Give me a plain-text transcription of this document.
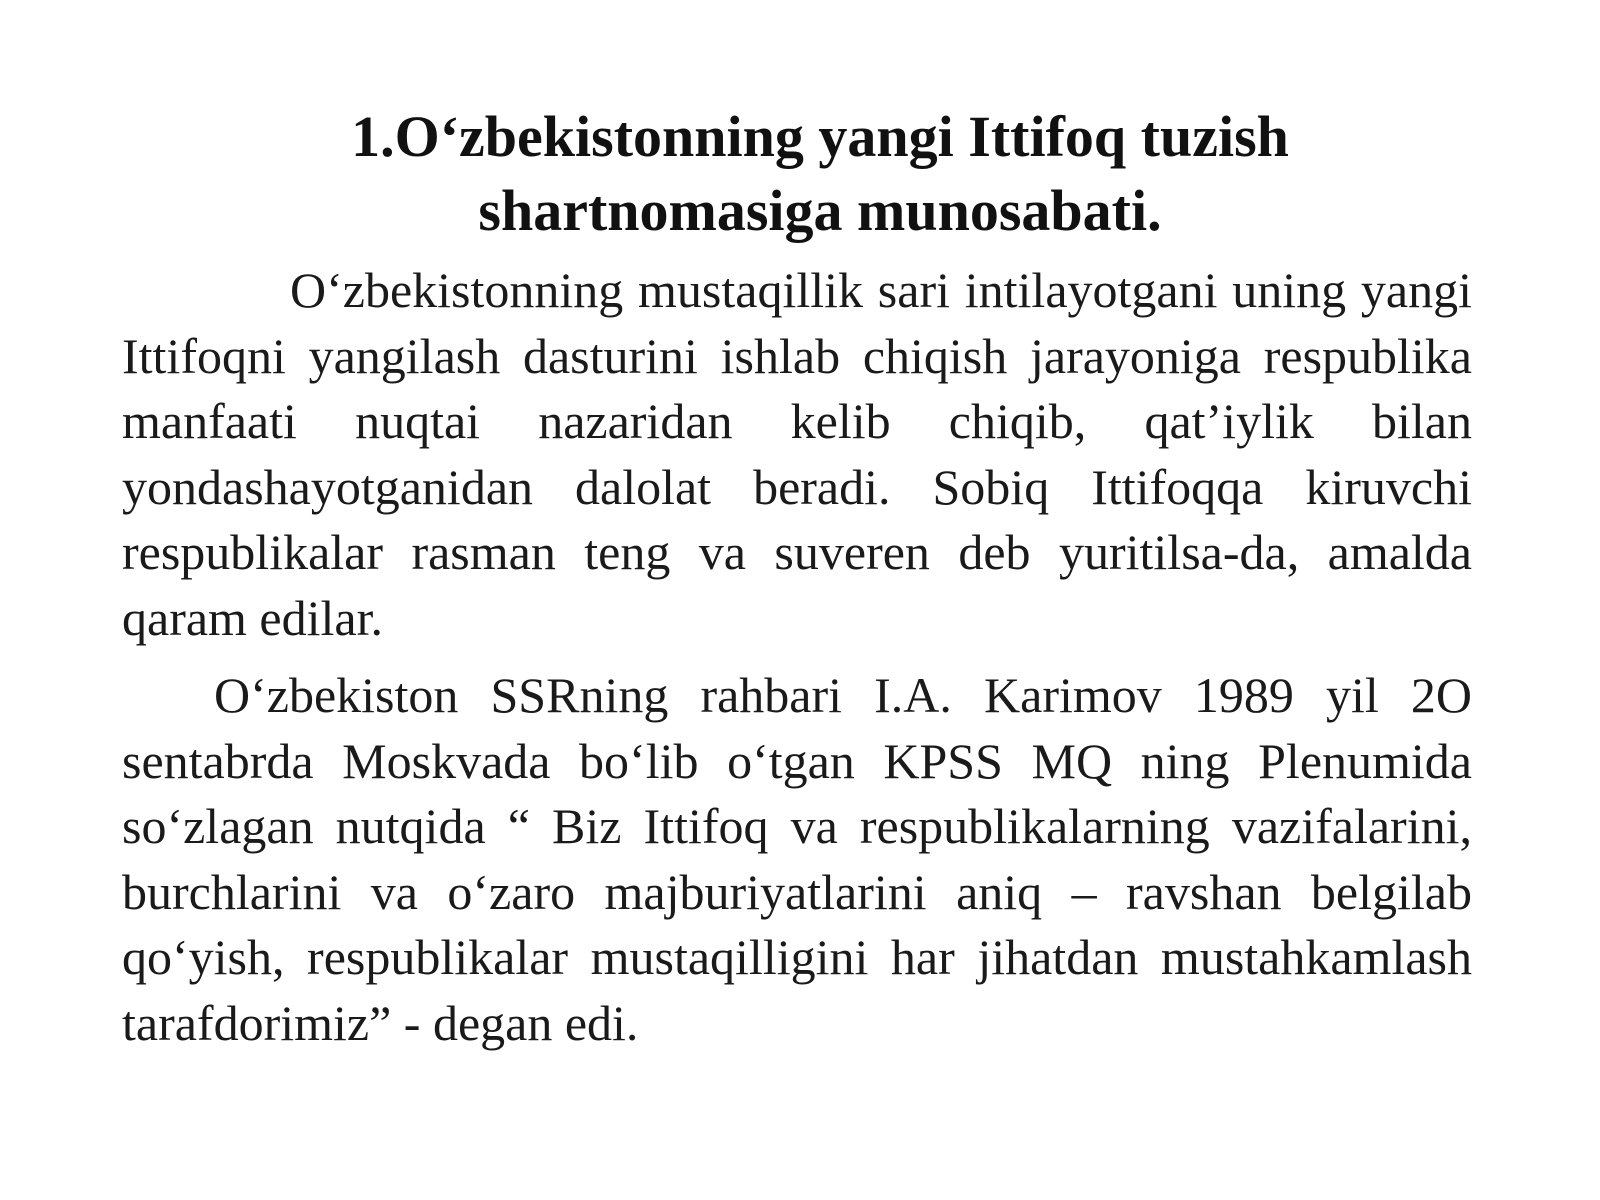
1.O‘zbekistonning yangi Ittifoq tuzish
shartnomasiga munosabati.

O‘zbekistonning mustaqillik sari intilayotgani uning yangi Ittifoqni yangilash dasturini ishlab chiqish jarayoniga respublika manfaati nuqtai nazaridan kelib chiqib, qat’iylik bilan yondashayotganidan dalolat beradi. Sobiq Ittifoqqa kiruvchi respublikalar rasman teng va suveren deb yuritilsa-da, amalda qaram edilar.

O‘zbekiston SSRning rahbari I.A. Karimov 1989 yil 2O sentabrda Moskvada bo‘lib o‘tgan KPSS MQ ning Plenumida so‘zlagan nutqida “ Biz Ittifoq va respublikalarning vazifalarini, burchlarini va o‘zaro majburiyatlarini aniq – ravshan belgilab qo‘yish, respublikalar mustaqilligini har jihatdan mustahkamlash tarafdorimiz” - degan edi.
